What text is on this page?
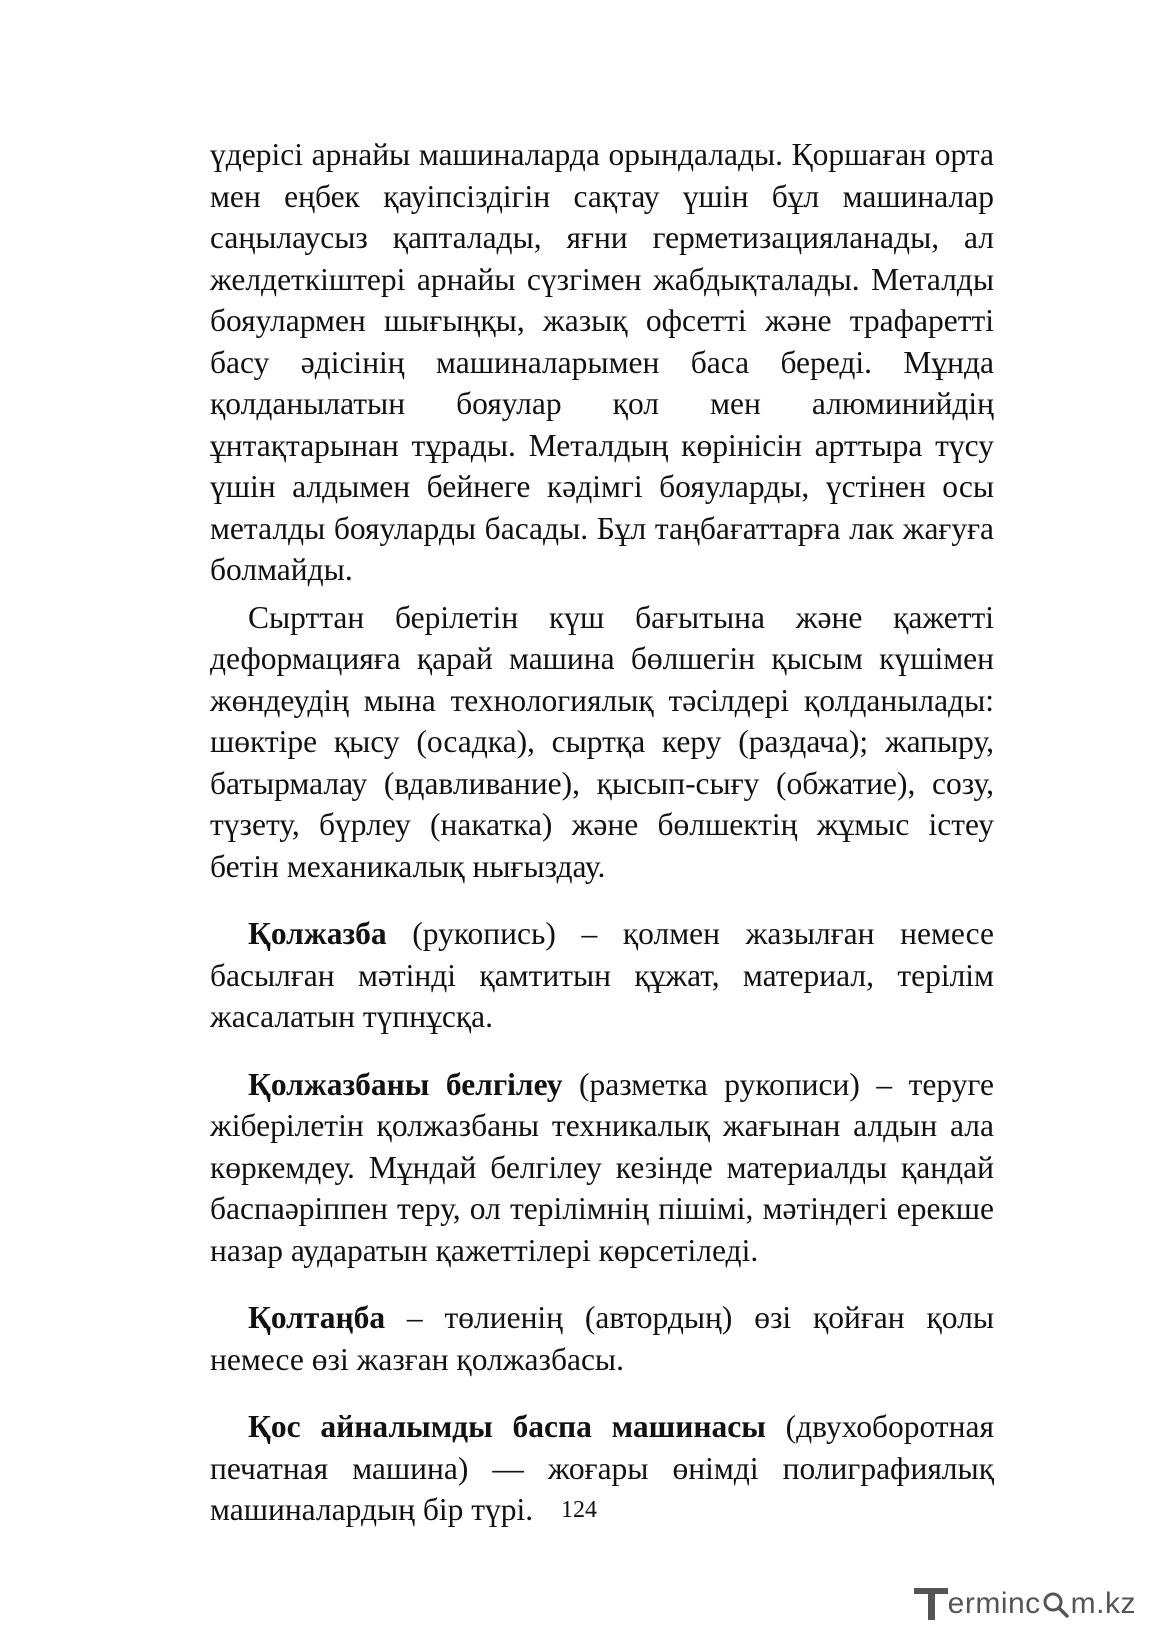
үдерісі арнайы машиналарда орындалады. Қоршаған орта мен еңбек қауіпсіздігін сақтау үшін бұл машиналар саңылаусыз қапталады, яғни герметизацияланады, ал желдеткіштері арнайы сүзгімен жабдықталады. Металды бояулармен шығыңқы, жазық офсетті және трафаретті басу әдісінің машиналарымен баса береді. Мұнда қолданылатын бояулар қол мен алюминийдің ұнтақтарынан тұрады. Металдың көрінісін арттыра түсу үшін алдымен бейнеге кәдімгі бояуларды, үстінен осы металды бояуларды басады. Бұл таңбағаттарға лак жағуға болмайды.

Сырттан берілетін күш бағытына және қажетті деформацияға қарай машина бөлшегін қысым күшімен жөндеудің мына технологиялық тәсілдері қолданылады: шөктіре қысу (осадка), сыртқа керу (раздача); жапыру, батырмалау (вдавливание), қысып-сығу (обжатие), созу, түзету, бүрлеу (накатка) және бөлшектің жұмыс істеу бетін механикалық нығыздау.

Қолжазба (рукопись) – қолмен жазылған немесе басылған мәтінді қамтитын құжат, материал, терілім жасалатын түпнұсқа.

Қолжазбаны белгілеу (разметка рукописи) – теруге жіберілетін қолжазбаны техникалық жағынан алдын ала көркемдеу. Мұндай белгілеу кезінде материалды қандай баспаәріппен теру, ол терілімнің пішімі, мәтіндегі ерекше назар аударатын қажеттілері көрсетіледі.

Қолтаңба – төлиенің (автордың) өзі қойған қолы немесе өзі жазған қолжазбасы.

Қос айналымды баспа машинасы (двухоборотная печатная машина) — жоғары өнімді полиграфиялық машиналардың бір түрі.	124
erminc m.kz
